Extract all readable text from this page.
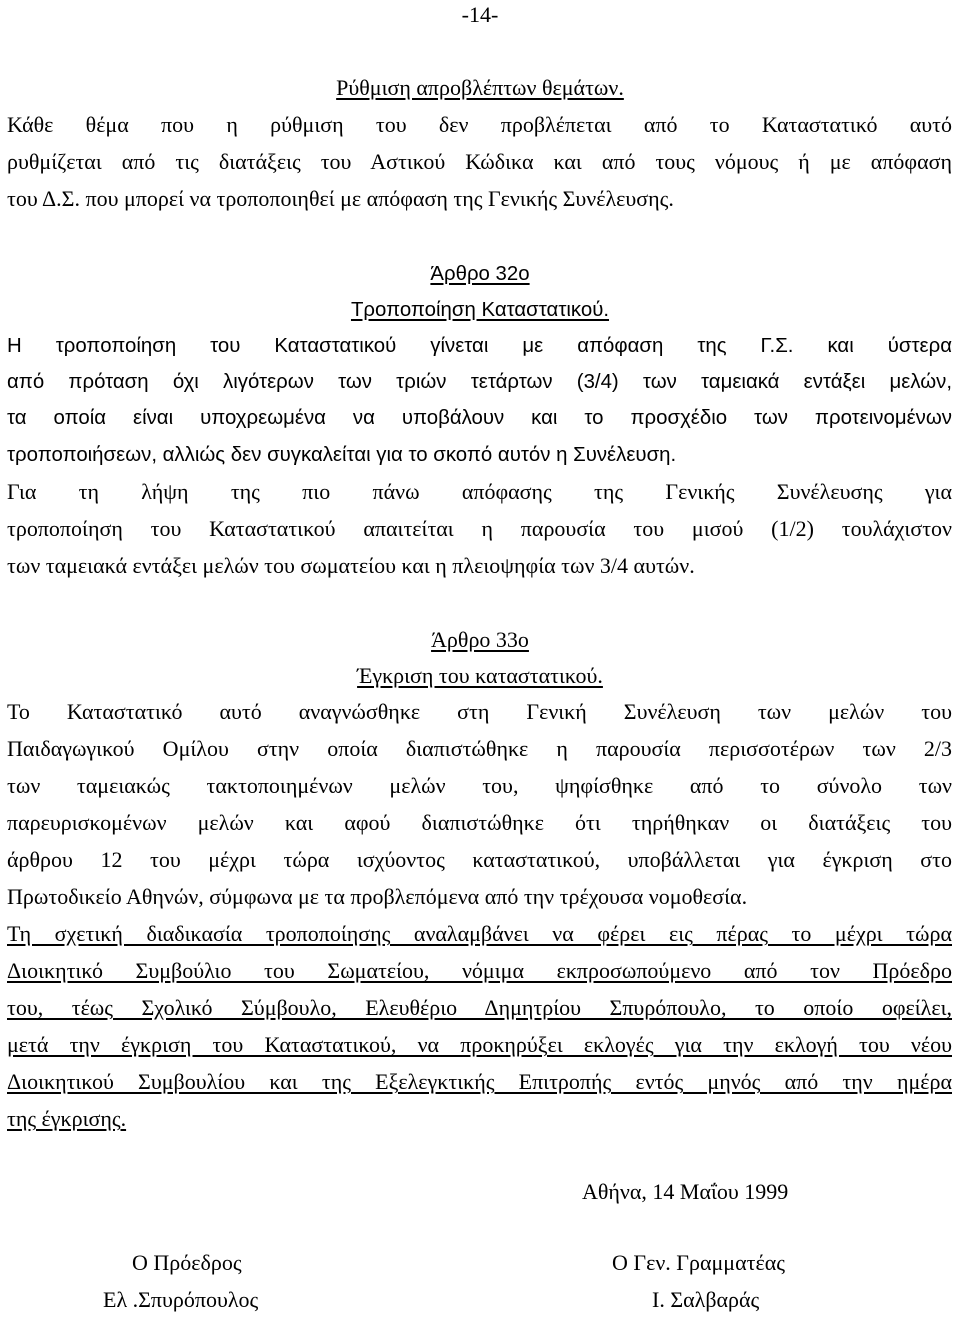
-14-
Ρύθμιση απροβλέπτων θεμάτων.
Κάθε θέμα που η ρύθμιση του δεν προβλέπεται από το Καταστατικό αυτό
ρυθμίζεται από τις διατάξεις του Αστικού Κώδικα και από τους νόμους ή με απόφαση
του Δ.Σ. που μπορεί να τροποποιηθεί με απόφαση της Γενικής Συνέλευσης.
Άρθρο 32ο
Τροποποίηση Καταστατικού.
Η τροποποίηση του Καταστατικού γίνεται με απόφαση της Γ.Σ. και ύστερα
από πρόταση όχι λιγότερων των τριών τετάρτων (3/4) των ταμειακά εντάξει μελών,
τα οποία είναι υποχρεωμένα να υποβάλουν και το προσχέδιο των προτεινομένων
τροποποιήσεων, αλλιώς δεν συγκαλείται για το σκοπό αυτόν η Συνέλευση.
Για τη λήψη της πιο πάνω απόφασης της Γενικής Συνέλευσης για
τροποποίηση του Καταστατικού απαιτείται η παρουσία του μισού (1/2) τουλάχιστον
των ταμειακά εντάξει μελών του σωματείου και η πλειοψηφία των 3/4 αυτών.
Άρθρο 33ο
Έγκριση του καταστατικού.
Το Καταστατικό αυτό αναγνώσθηκε στη Γενική Συνέλευση των μελών του
Παιδαγωγικού Ομίλου στην οποία διαπιστώθηκε η παρουσία περισσοτέρων των 2/3
των ταμειακώς τακτοποιημένων μελών του, ψηφίσθηκε από το σύνολο των
παρευρισκομένων μελών και αφού διαπιστώθηκε ότι τηρήθηκαν οι διατάξεις του
άρθρου 12 του μέχρι τώρα ισχύοντος καταστατικού, υποβάλλεται για έγκριση στο
Πρωτοδικείο Αθηνών, σύμφωνα με τα προβλεπόμενα από την τρέχουσα νομοθεσία.
Τη σχετική διαδικασία τροποποίησης αναλαμβάνει να φέρει εις πέρας το μέχρι τώρα
Διοικητικό Συμβούλιο του Σωματείου, νόμιμα εκπροσωπούμενο από τον Πρόεδρο
του, τέως Σχολικό Σύμβουλο, Ελευθέριο Δημητρίου Σπυρόπουλο, το οποίο οφείλει,
μετά την έγκριση του Καταστατικού, να προκηρύξει εκλογές για την εκλογή του νέου
Διοικητικού Συμβουλίου και της Εξελεγκτικής Επιτροπής εντός μηνός από την ημέρα
της έγκρισης.
Αθήνα, 14 Μαΐου 1999
Ο Πρόεδρος
Ελ .Σπυρόπουλος
Ο Γεν. Γραμματέας
Ι. Σαλβαράς
